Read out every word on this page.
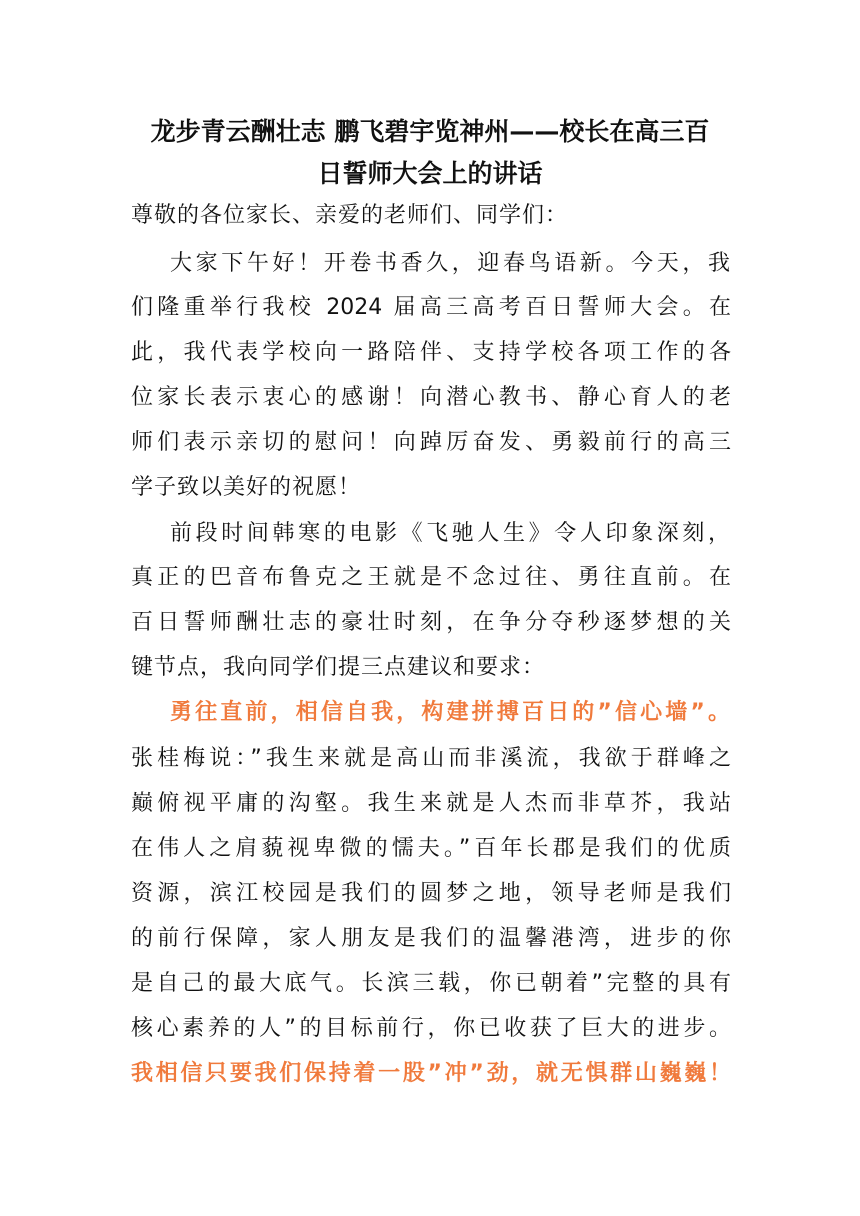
龙步青云酬壮志 鹏飞碧宇览神州——校长在高三百
日誓师大会上的讲话
尊敬的各位家长、亲爱的老师们、同学们：
大家下午好！开卷书香久，迎春鸟语新。今天，我
们隆重举行我校 2024 届高三高考百日誓师大会。在
此，我代表学校向一路陪伴、支持学校各项工作的各
位家长表示衷心的感谢！向潜心教书、静心育人的老
师们表示亲切的慰问！向踔厉奋发、勇毅前行的高三
学子致以美好的祝愿！
前段时间韩寒的电影《飞驰人生》令人印象深刻，
真正的巴音布鲁克之王就是不念过往、勇往直前。在
百日誓师酬壮志的豪壮时刻，在争分夺秒逐梦想的关
键节点，我向同学们提三点建议和要求：
勇往直前，相信自我，构建拼搏百日的”信心墙”。
张桂梅说：”我生来就是高山而非溪流，我欲于群峰之
巅俯视平庸的沟壑。我生来就是人杰而非草芥，我站
在伟人之肩藐视卑微的懦夫。”百年长郡是我们的优质
资源，滨江校园是我们的圆梦之地，领导老师是我们
的前行保障，家人朋友是我们的温馨港湾，进步的你
是自己的最大底气。长滨三载，你已朝着”完整的具有
核心素养的人”的目标前行，你已收获了巨大的进步。
我相信只要我们保持着一股”冲”劲，就无惧群山巍巍！
